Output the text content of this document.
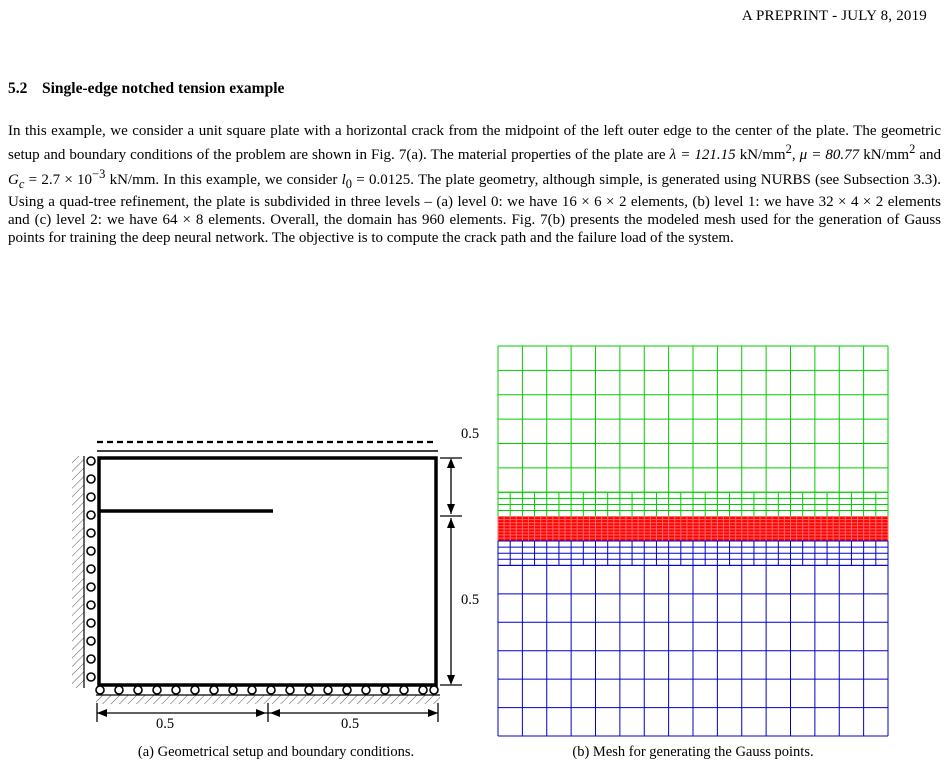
A PREPRINT - JULY 8, 2019
5.2 Single-edge notched tension example

In this example, we consider a unit square plate with a horizontal crack from the midpoint of the left outer edge to the center of the plate. The geometric setup and boundary conditions of the problem are shown in Fig. 7(a). The material properties of the plate are λ = 121.15 $kN/mm^2$, μ = 80.77 $kN/mm^2$ and $G_c = 2.7 \times 10^{-3}$ kN/mm. In this example, we consider $l_0 = 0.0125$. The plate geometry, although simple, is generated using NURBS (see Subsection 3.3). Using a quad-tree refinement, the plate is subdivided in three levels – (a) level 0: we have 16 × 6 × 2 elements, (b) level 1: we have 32 × 4 × 2 elements and (c) level 2: we have 64 × 8 elements. Overall, the domain has 960 elements. Fig. 7(b) presents the modeled mesh used for the generation of Gauss points for training the deep neural network. The objective is to compute the crack path and the failure load of the system.

0.5
0.5
0.5	0.5
(a) Geometrical setup and boundary conditions.	(b) Mesh for generating the Gauss points.
